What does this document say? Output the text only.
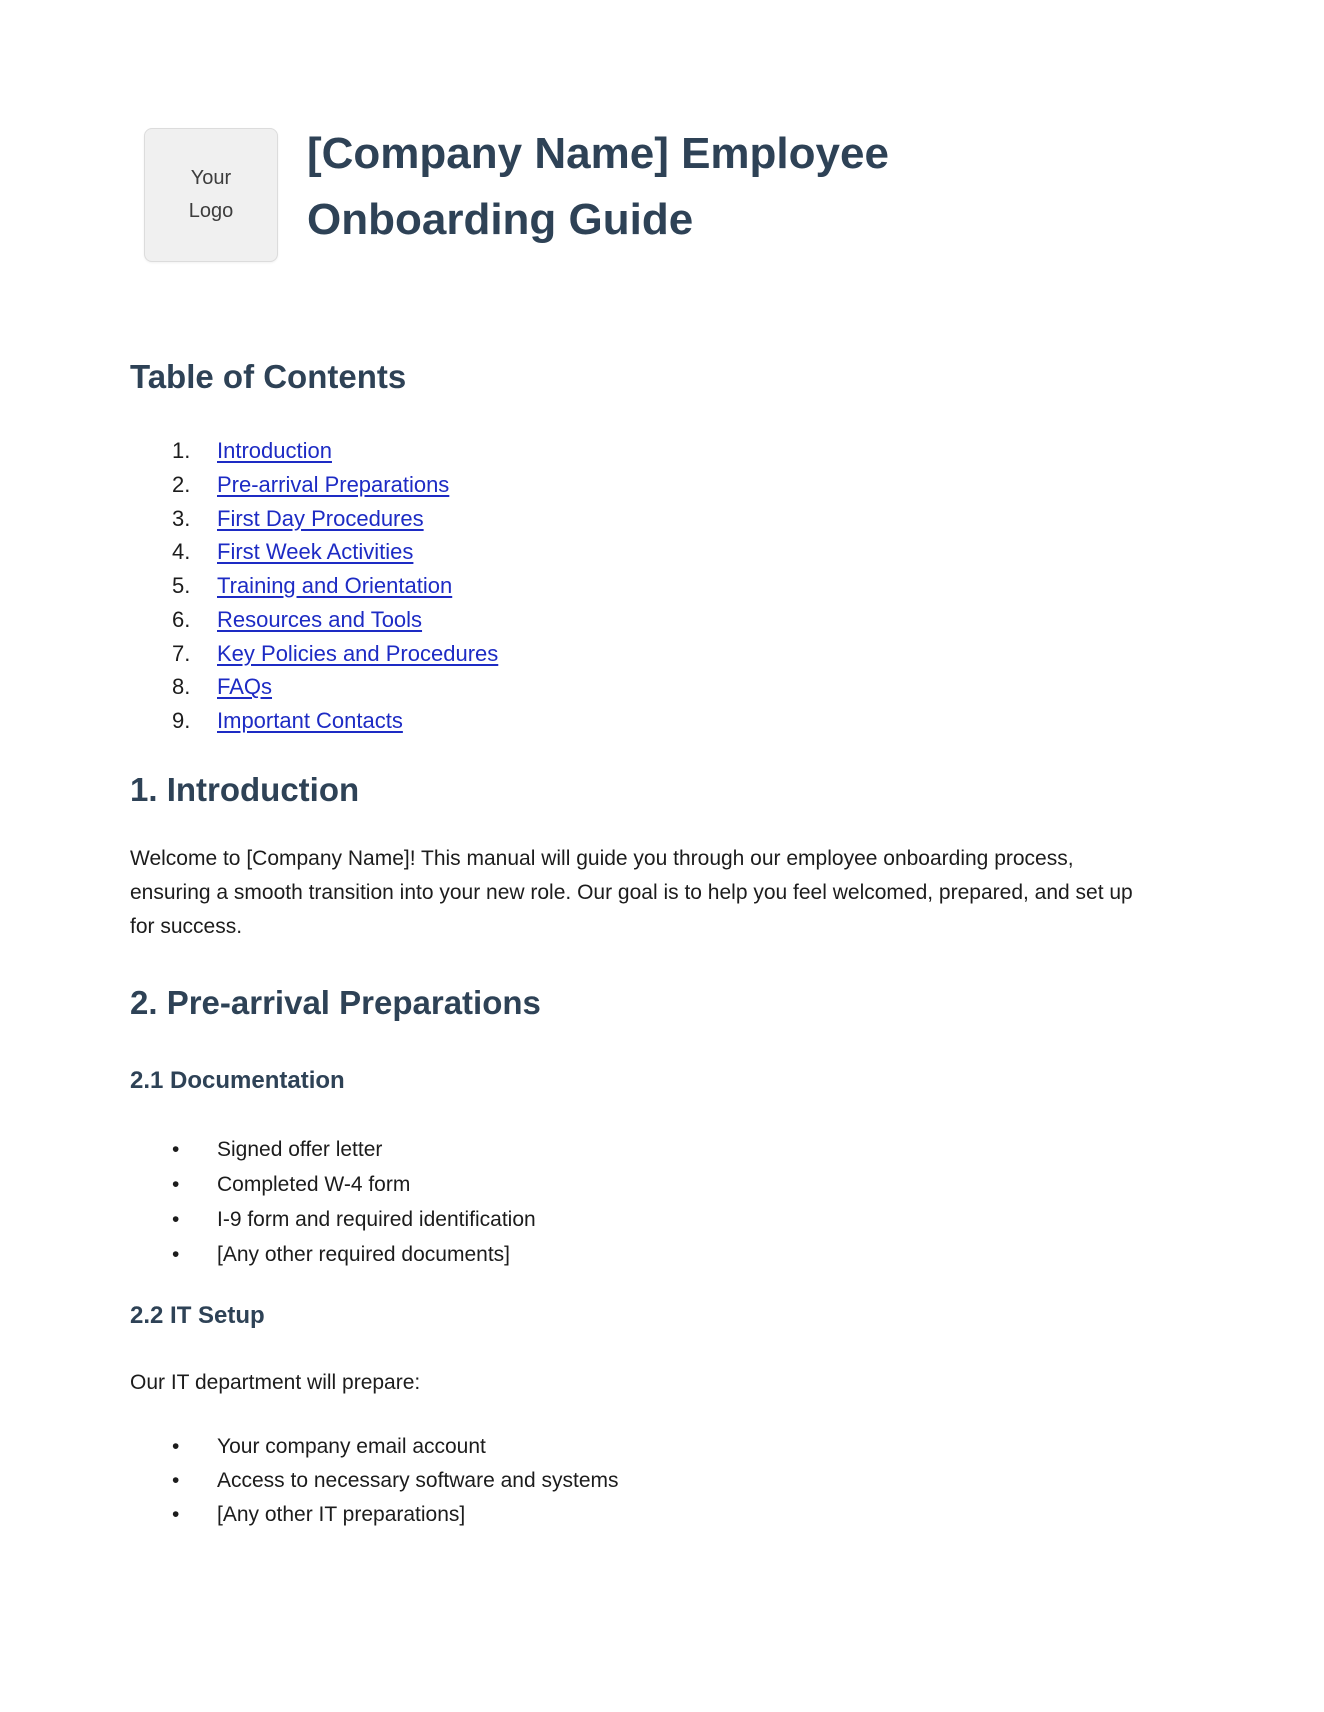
Your
Logo
[Company Name] Employee
Onboarding Guide
Table of Contents
1.	Introduction
2.	Pre-arrival Preparations
3.	First Day Procedures
4.	First Week Activities
5.	Training and Orientation
6.	Resources and Tools
7.	Key Policies and Procedures
8.	FAQs
9.	Important Contacts
1. Introduction
Welcome to [Company Name]! This manual will guide you through our employee onboarding process, ensuring a smooth transition into your new role. Our goal is to help you feel welcomed, prepared, and set up for success.
2. Pre-arrival Preparations
2.1 Documentation
•	Signed offer letter
•	Completed W-4 form
•	I-9 form and required identification
•	[Any other required documents]
2.2 IT Setup
Our IT department will prepare:
•	Your company email account
•	Access to necessary software and systems
•	[Any other IT preparations]
